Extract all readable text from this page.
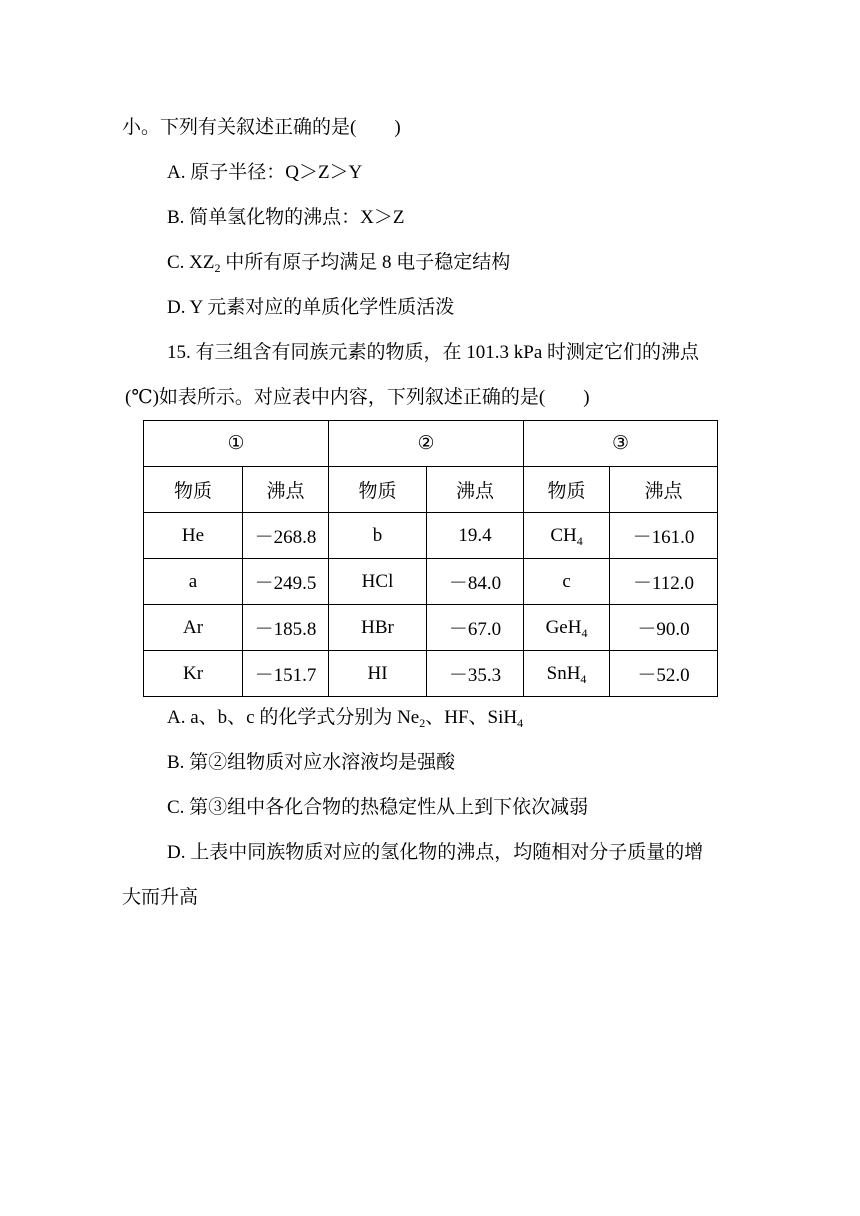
小。下列有关叙述正确的是(　　)
A. 原子半径：Q＞Z＞Y
B. 简单氢化物的沸点：X＞Z
C. $XZ_2$ 中所有原子均满足 8 电子稳定结构
D. Y 元素对应的单质化学性质活泼
15. 有三组含有同族元素的物质，在 101.3 kPa 时测定它们的沸点
(℃)如表所示。对应表中内容，下列叙述正确的是(　　)
①		②		③	
物质	沸点	物质	沸点	物质	沸点
He	－268.8	b	19.4	$CH_4$	－161.0
a	－249.5	HCl	－84.0	c	－112.0
Ar	－185.8	HBr	－67.0	GeH$_4$	－90.0
Kr	－151.7	HI	－35.3	SnH$_4$	－52.0
A. a、b、c 的化学式分别为 $Ne_2$、HF、SiH$_4$
B. 第②组物质对应水溶液均是强酸
C. 第③组中各化合物的热稳定性从上到下依次减弱
D. 上表中同族物质对应的氢化物的沸点，均随相对分子质量的增
大而升高
